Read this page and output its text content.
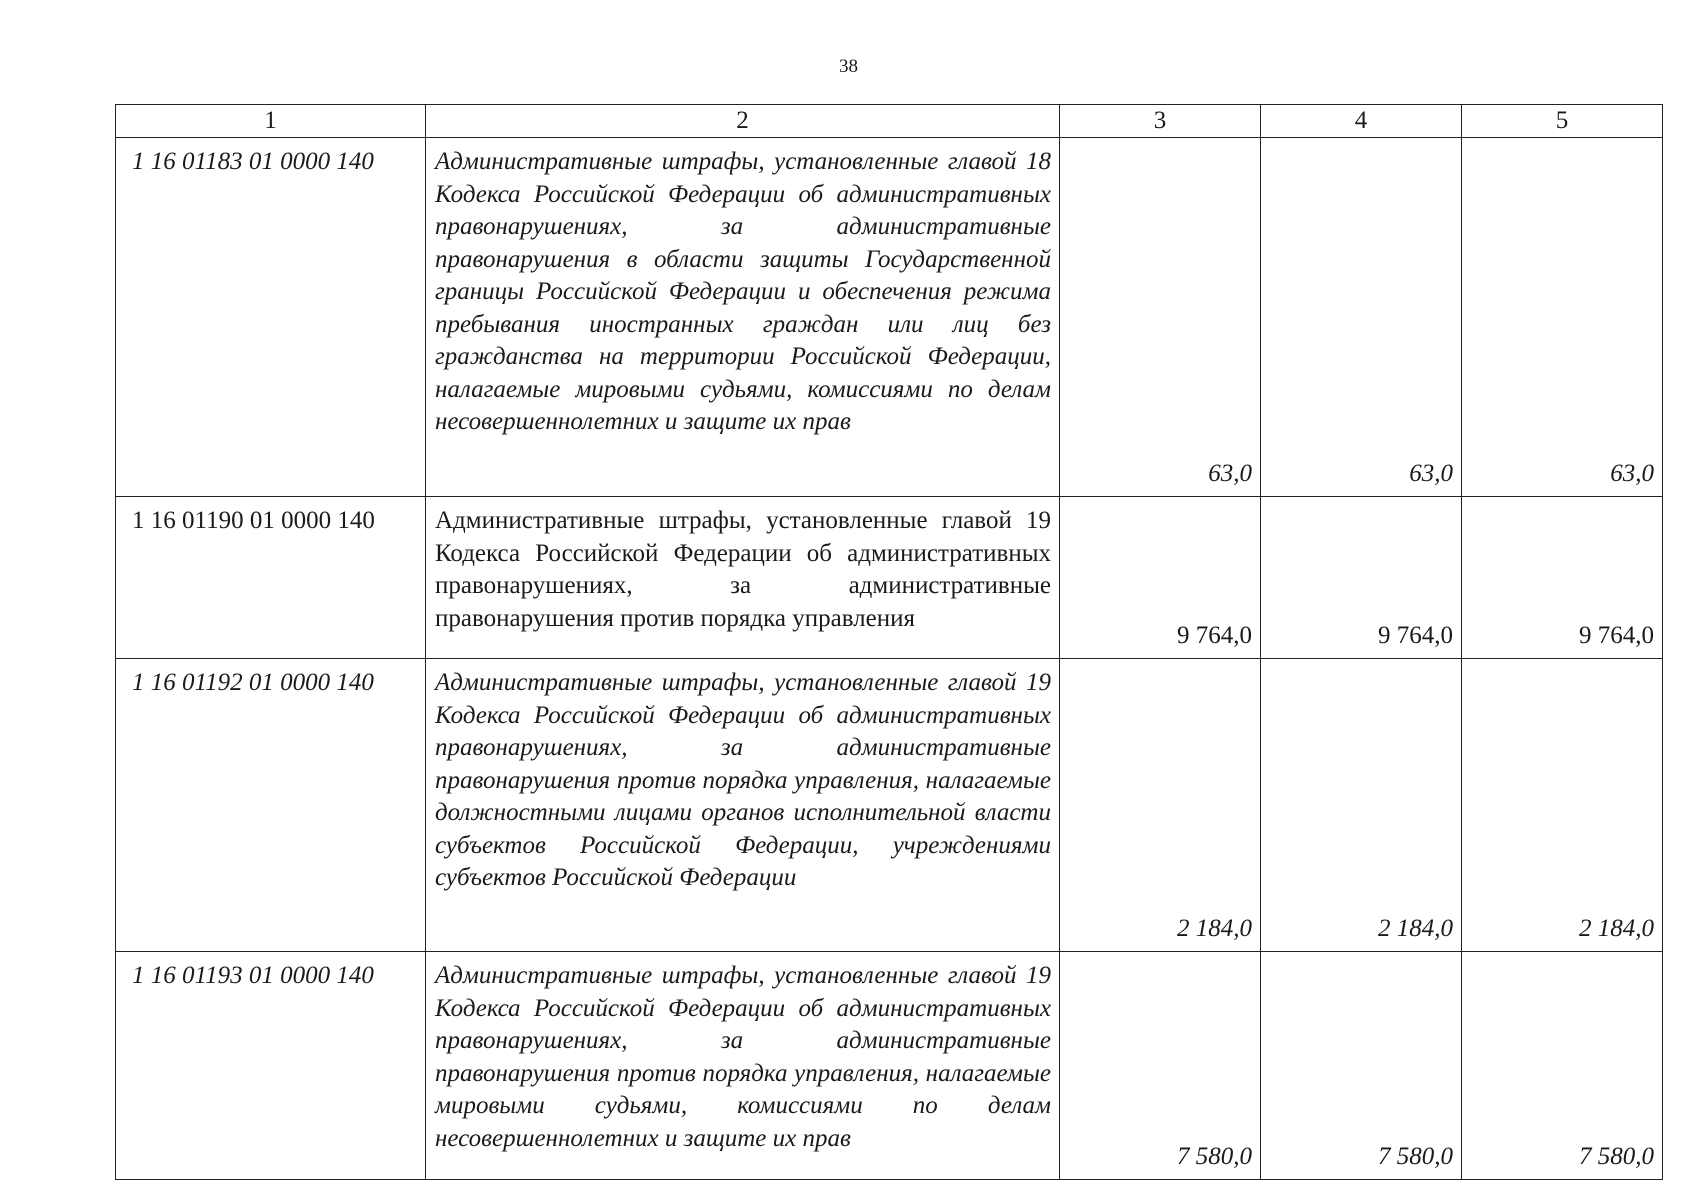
38
1	2	3	4	5
1 16 01183 01 0000 140	Административные штрафы, установленные главой 18 Кодекса Российской Федерации об административных правонарушениях, за административные правонарушения в области защиты Государственной границы Российской Федерации и обеспечения режима пребывания иностранных граждан или лиц без гражданства на территории Российской Федерации, налагаемые мировыми судьями, комиссиями по делам несовершеннолетних и защите их прав	63,0	63,0	63,0
1 16 01190 01 0000 140	Административные штрафы, установленные главой 19 Кодекса Российской Федерации об административных правонарушениях, за административные правонарушения против порядка управления	9 764,0	9 764,0	9 764,0
1 16 01192 01 0000 140	Административные штрафы, установленные главой 19 Кодекса Российской Федерации об административных правонарушениях, за административные правонарушения против порядка управления, налагаемые должностными лицами органов исполнительной власти субъектов Российской Федерации, учреждениями субъектов Российской Федерации	2 184,0	2 184,0	2 184,0
1 16 01193 01 0000 140	Административные штрафы, установленные главой 19 Кодекса Российской Федерации об административных правонарушениях, за административные правонарушения против порядка управления, налагаемые мировыми судьями, комиссиями по делам несовершеннолетних и защите их прав	7 580,0	7 580,0	7 580,0
